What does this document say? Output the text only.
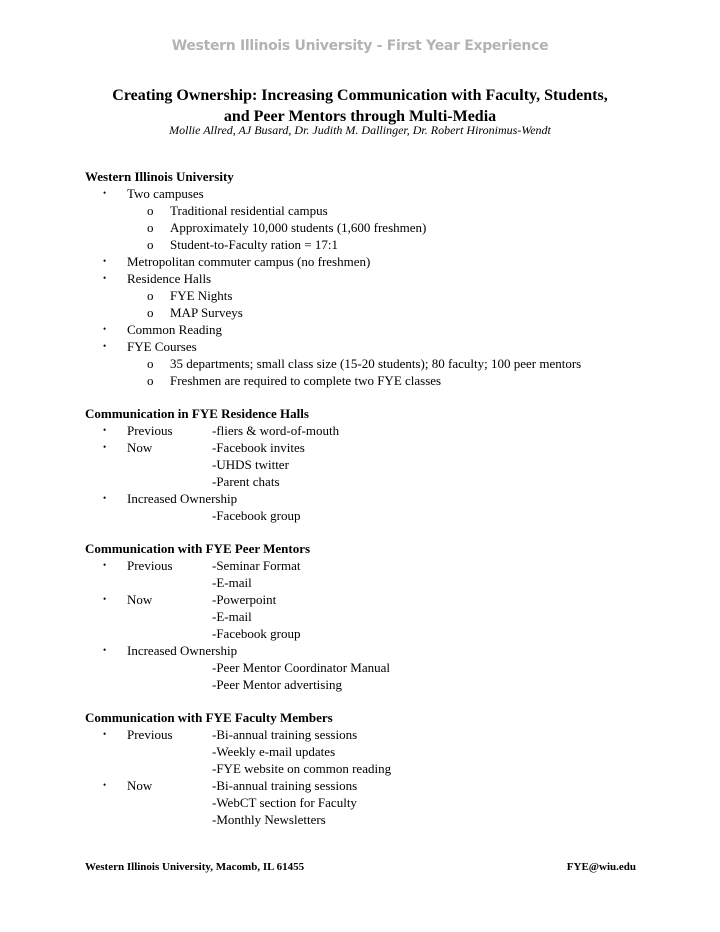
Western Illinois University - First Year Experience
Creating Ownership: Increasing Communication with Faculty, Students,
and Peer Mentors through Multi-Media
Mollie Allred, AJ Busard, Dr. Judith M. Dallinger, Dr. Robert Hironimus-Wendt
Western Illinois University
• Two campuses
o Traditional residential campus
o Approximately 10,000 students (1,600 freshmen)
o Student-to-Faculty ration = 17:1
• Metropolitan commuter campus (no freshmen)
• Residence Halls
o FYE Nights
o MAP Surveys
• Common Reading
• FYE Courses
o 35 departments; small class size (15-20 students); 80 faculty; 100 peer mentors
o Freshmen are required to complete two FYE classes
Communication in FYE Residence Halls
• Previous	-fliers & word-of-mouth
• Now	-Facebook invites
-UHDS twitter
-Parent chats
• Increased Ownership
-Facebook group
Communication with FYE Peer Mentors
• Previous	-Seminar Format
-E-mail
• Now	-Powerpoint
-E-mail
-Facebook group
• Increased Ownership
-Peer Mentor Coordinator Manual
-Peer Mentor advertising
Communication with FYE Faculty Members
• Previous	-Bi-annual training sessions
-Weekly e-mail updates
-FYE website on common reading
• Now	-Bi-annual training sessions
-WebCT section for Faculty
-Monthly Newsletters
Western Illinois University, Macomb, IL 61455	FYE@wiu.edu
